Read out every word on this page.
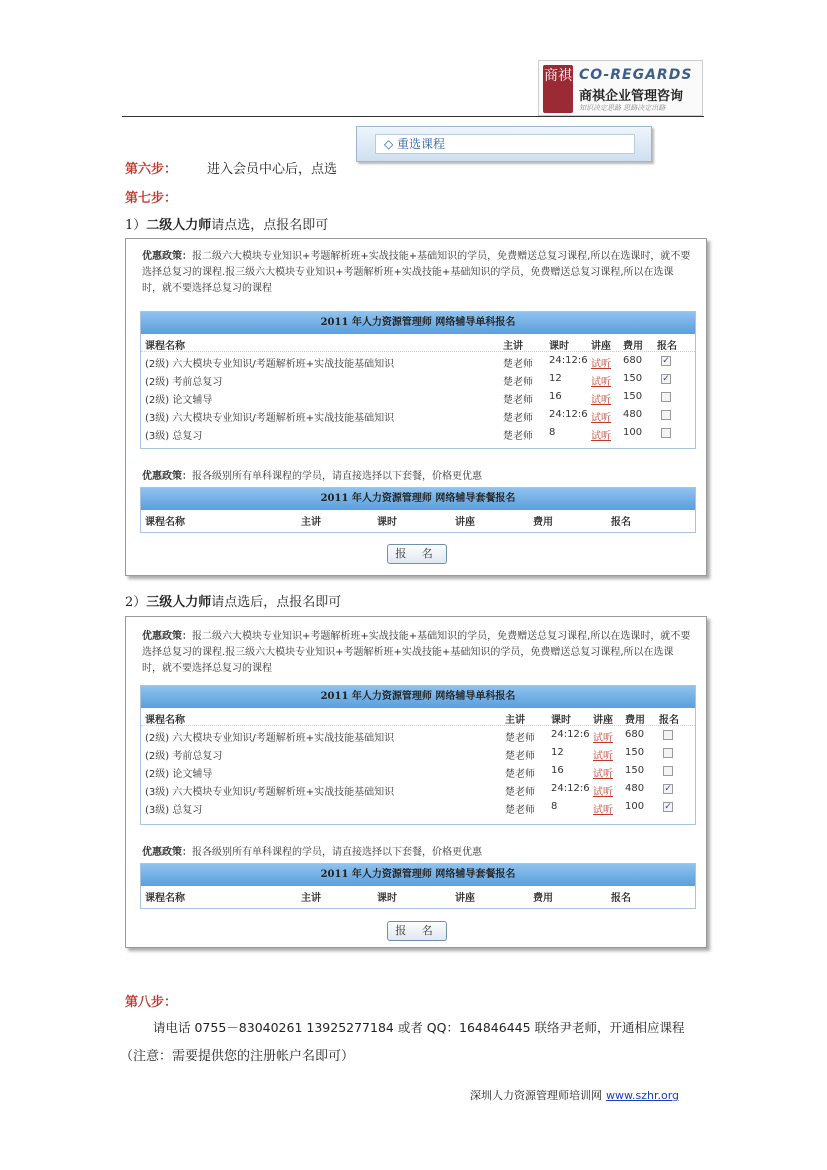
商祺 CO-REGARDS
商祺企业管理咨询
知识决定思路 思路决定出路
◇ 重选课程
第六步： 进入会员中心后，点选
第七步：
1）二级人力师请点选，点报名即可
优惠政策：报二级六大模块专业知识+考题解析班+实战技能+基础知识的学员，免费赠送总复习课程,所以在选课时，就不要选择总复习的课程.报三级六大模块专业知识+考题解析班+实战技能+基础知识的学员，免费赠送总复习课程,所以在选课时，就不要选择总复习的课程
2011 年人力资源管理师 网络辅导单科报名
课程名称	主讲	课时 讲座 费用 报名
(2级) 六大模块专业知识/考题解析班+实战技能基础知识	楚老师 24:12:6 试听 680 ✓
(2级) 考前总复习	楚老师 12	试听 150 ✓
(2级) 论文辅导	楚老师 16	试听 150
(3级) 六大模块专业知识/考题解析班+实战技能基础知识	楚老师 24:12:6 试听 480
(3级) 总复习	楚老师 8	试听 100
优惠政策：报各级别所有单科课程的学员，请直接选择以下套餐，价格更优惠
2011 年人力资源管理师 网络辅导套餐报名
课程名称	主讲	课时	讲座	费用	报名
报 名
2）三级人力师请点选后，点报名即可
优惠政策：报二级六大模块专业知识+考题解析班+实战技能+基础知识的学员，免费赠送总复习课程,所以在选课时，就不要选择总复习的课程.报三级六大模块专业知识+考题解析班+实战技能+基础知识的学员，免费赠送总复习课程,所以在选课时，就不要选择总复习的课程
2011 年人力资源管理师 网络辅导单科报名
课程名称	主讲	课时 讲座 费用 报名
(2级) 六大模块专业知识/考题解析班+实战技能基础知识	楚老师 24:12:6 试听 680
(2级) 考前总复习	楚老师 12	试听 150
(2级) 论文辅导	楚老师 16	试听 150
(3级) 六大模块专业知识/考题解析班+实战技能基础知识	楚老师 24:12:6 试听 480 ✓
(3级) 总复习	楚老师 8	试听 100 ✓
优惠政策：报各级别所有单科课程的学员，请直接选择以下套餐，价格更优惠
2011 年人力资源管理师 网络辅导套餐报名
课程名称	主讲	课时	讲座	费用	报名
报 名
第八步：
请电话 0755－83040261 13925277184 或者 QQ：164846445 联络尹老师，开通相应课程
（注意：需要提供您的注册帐户名即可）
深圳人力资源管理师培训网 www.szhr.org
